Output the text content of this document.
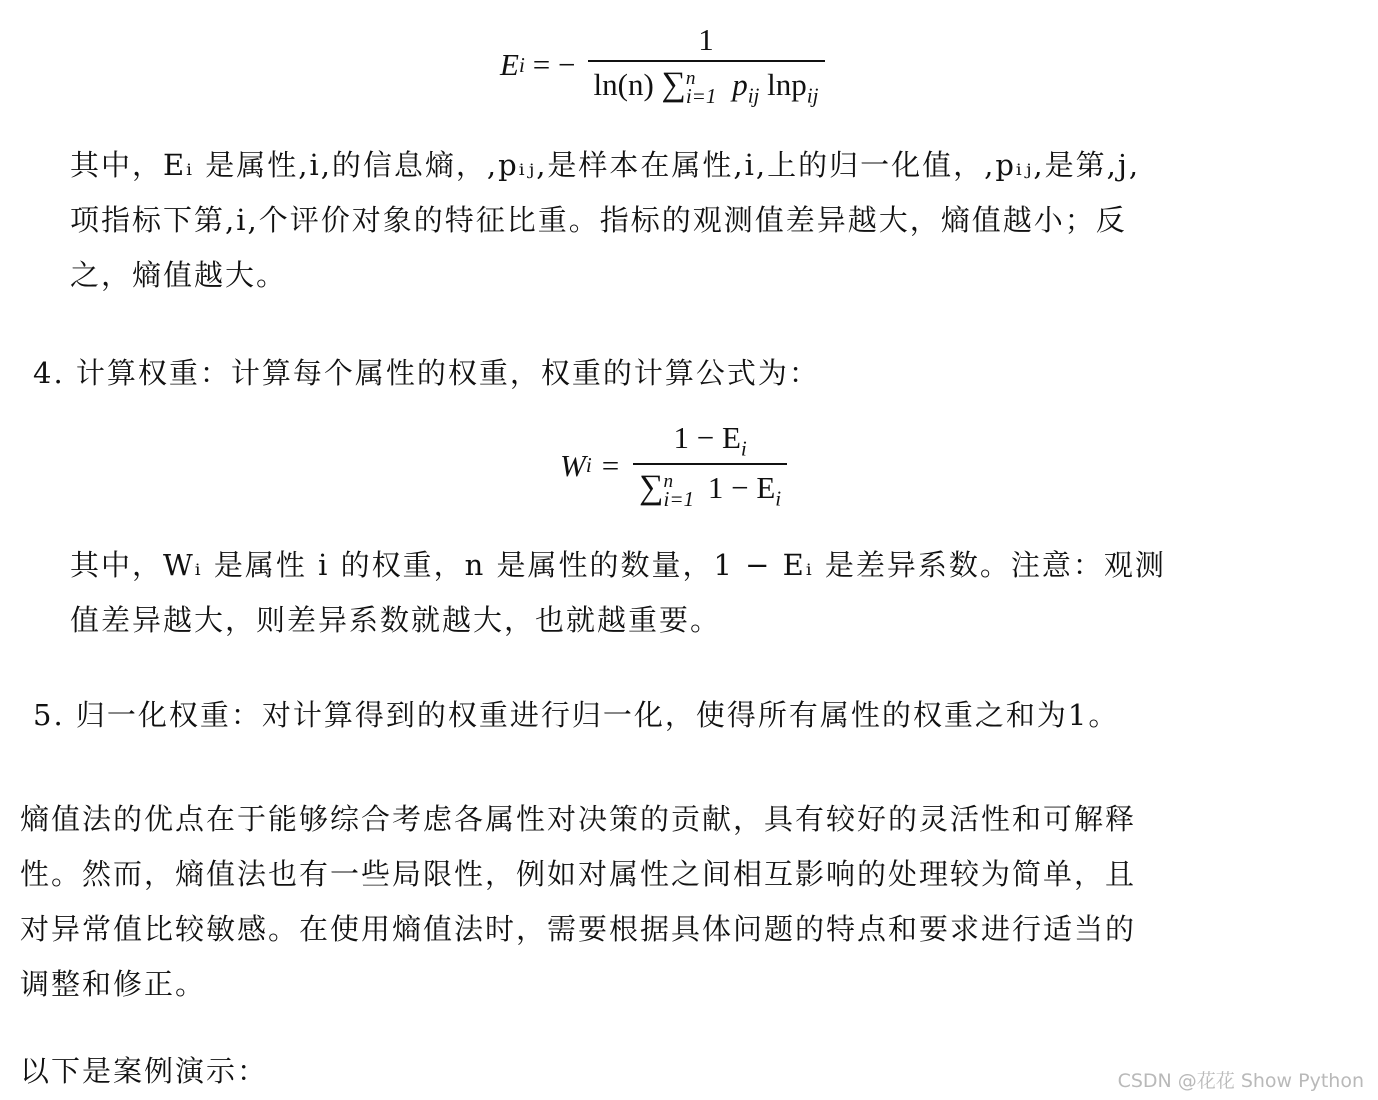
E i = − 1
ln(n) ∑ n
i=1 $p_{ij}$ lnp$_{ij}$
其中，Eᵢ 是属性,i,的信息熵，,pᵢⱼ,是样本在属性,i,上的归一化值，,pᵢⱼ,是第,j,
项指标下第,i,个评价对象的特征比重。指标的观测值差异越大，熵值越小；反
之，熵值越大。
4. 计算权重：计算每个属性的权重，权重的计算公式为：
W $i = 1 - E_i$
∑ n
i=1 $1 - E_i$
其中，Wᵢ 是属性 i 的权重，n 是属性的数量，1 − Eᵢ 是差异系数。注意：观测
值差异越大，则差异系数就越大，也就越重要。
5. 归一化权重：对计算得到的权重进行归一化，使得所有属性的权重之和为1。
熵值法的优点在于能够综合考虑各属性对决策的贡献，具有较好的灵活性和可解释
性。然而，熵值法也有一些局限性，例如对属性之间相互影响的处理较为简单，且
对异常值比较敏感。在使用熵值法时，需要根据具体问题的特点和要求进行适当的
调整和修正。
以下是案例演示：	CSDN @花花 Show Python
